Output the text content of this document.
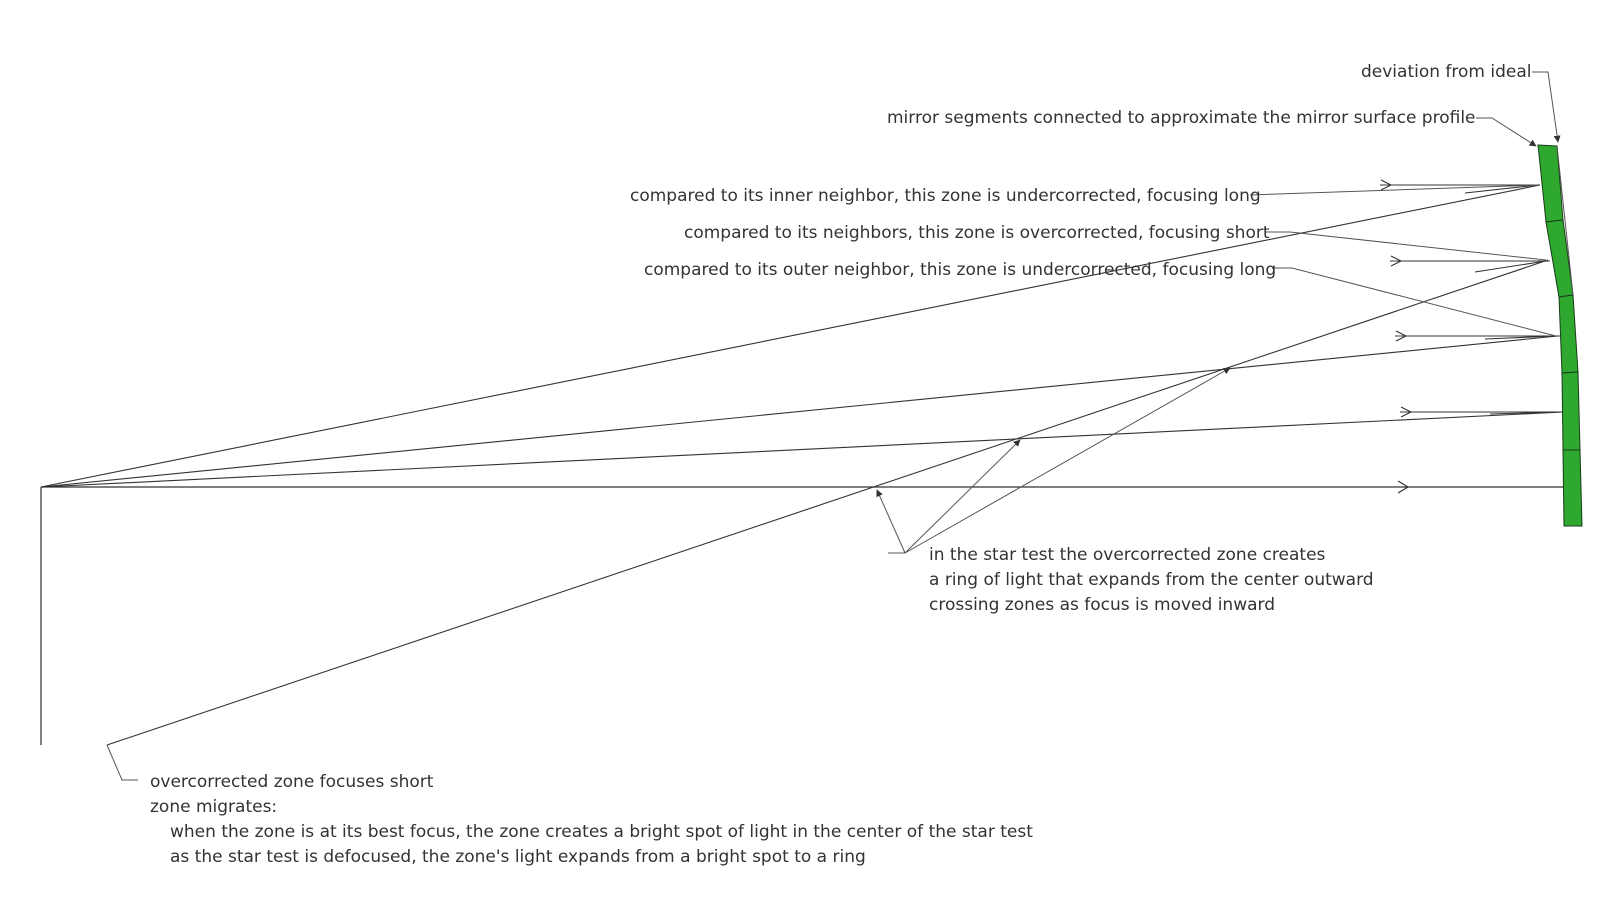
deviation from ideal
mirror segments connected to approximate the mirror surface profile
compared to its inner neighbor, this zone is undercorrected, focusing long
compared to its neighbors, this zone is overcorrected, focusing short
compared to its outer neighbor, this zone is undercorrected, focusing long
in the star test the overcorrected zone creates
a ring of light that expands from the center outward
crossing zones as focus is moved inward
overcorrected zone focuses short
zone migrates:
when the zone is at its best focus, the zone creates a bright spot of light in the center of the star test
as the star test is defocused, the zone's light expands from a bright spot to a ring
